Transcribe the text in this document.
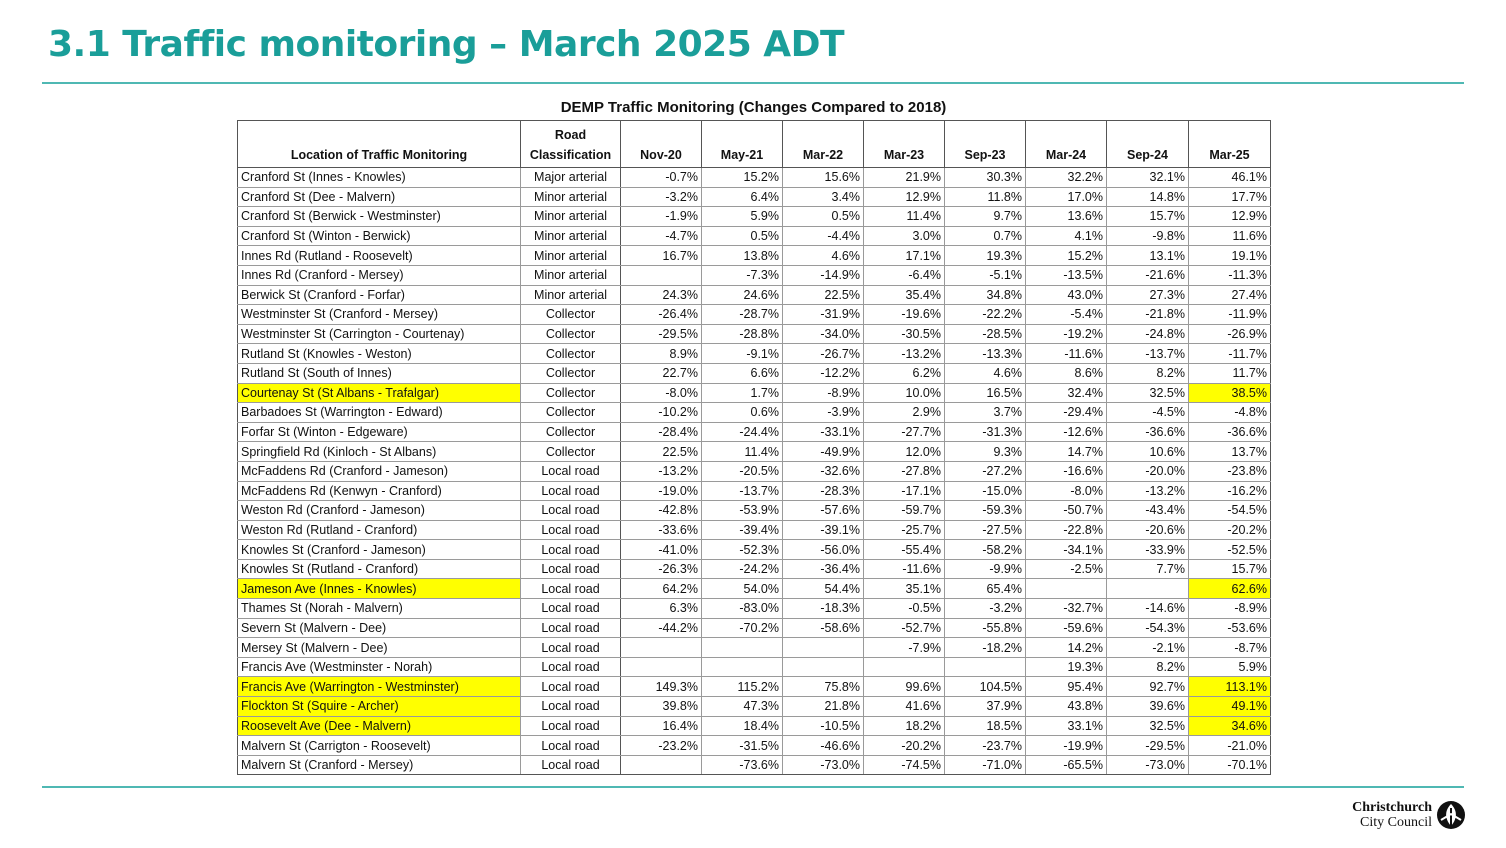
3.1 Traffic monitoring – March 2025 ADT
DEMP Traffic Monitoring (Changes Compared to 2018)
Location of Traffic Monitoring	Road Classification	Nov-20	May-21	Mar-22	Mar-23	Sep-23	Mar-24	Sep-24	Mar-25
Cranford St (Innes - Knowles)	Major arterial	-0.7%	15.2%	15.6%	21.9%	30.3%	32.2%	32.1%	46.1%
Cranford St (Dee - Malvern)	Minor arterial	-3.2%	6.4%	3.4%	12.9%	11.8%	17.0%	14.8%	17.7%
Cranford St (Berwick - Westminster)	Minor arterial	-1.9%	5.9%	0.5%	11.4%	9.7%	13.6%	15.7%	12.9%
Cranford St (Winton - Berwick)	Minor arterial	-4.7%	0.5%	-4.4%	3.0%	0.7%	4.1%	-9.8%	11.6%
Innes Rd (Rutland - Roosevelt)	Minor arterial	16.7%	13.8%	4.6%	17.1%	19.3%	15.2%	13.1%	19.1%
Innes Rd (Cranford - Mersey)	Minor arterial		-7.3%	-14.9%	-6.4%	-5.1%	-13.5%	-21.6%	-11.3%
Berwick St (Cranford - Forfar)	Minor arterial	24.3%	24.6%	22.5%	35.4%	34.8%	43.0%	27.3%	27.4%
Westminster St (Cranford - Mersey)	Collector	-26.4%	-28.7%	-31.9%	-19.6%	-22.2%	-5.4%	-21.8%	-11.9%
Westminster St (Carrington - Courtenay)	Collector	-29.5%	-28.8%	-34.0%	-30.5%	-28.5%	-19.2%	-24.8%	-26.9%
Rutland St (Knowles - Weston)	Collector	8.9%	-9.1%	-26.7%	-13.2%	-13.3%	-11.6%	-13.7%	-11.7%
Rutland St (South of Innes)	Collector	22.7%	6.6%	-12.2%	6.2%	4.6%	8.6%	8.2%	11.7%
Courtenay St (St Albans - Trafalgar)	Collector	-8.0%	1.7%	-8.9%	10.0%	16.5%	32.4%	32.5%	38.5%
Barbadoes St (Warrington - Edward)	Collector	-10.2%	0.6%	-3.9%	2.9%	3.7%	-29.4%	-4.5%	-4.8%
Forfar St (Winton - Edgeware)	Collector	-28.4%	-24.4%	-33.1%	-27.7%	-31.3%	-12.6%	-36.6%	-36.6%
Springfield Rd (Kinloch - St Albans)	Collector	22.5%	11.4%	-49.9%	12.0%	9.3%	14.7%	10.6%	13.7%
McFaddens Rd (Cranford - Jameson)	Local road	-13.2%	-20.5%	-32.6%	-27.8%	-27.2%	-16.6%	-20.0%	-23.8%
McFaddens Rd (Kenwyn - Cranford)	Local road	-19.0%	-13.7%	-28.3%	-17.1%	-15.0%	-8.0%	-13.2%	-16.2%
Weston Rd (Cranford - Jameson)	Local road	-42.8%	-53.9%	-57.6%	-59.7%	-59.3%	-50.7%	-43.4%	-54.5%
Weston Rd (Rutland - Cranford)	Local road	-33.6%	-39.4%	-39.1%	-25.7%	-27.5%	-22.8%	-20.6%	-20.2%
Knowles St (Cranford - Jameson)	Local road	-41.0%	-52.3%	-56.0%	-55.4%	-58.2%	-34.1%	-33.9%	-52.5%
Knowles St (Rutland - Cranford)	Local road	-26.3%	-24.2%	-36.4%	-11.6%	-9.9%	-2.5%	7.7%	15.7%
Jameson Ave (Innes - Knowles)	Local road	64.2%	54.0%	54.4%	35.1%	65.4%			62.6%
Thames St (Norah - Malvern)	Local road	6.3%	-83.0%	-18.3%	-0.5%	-3.2%	-32.7%	-14.6%	-8.9%
Severn St (Malvern - Dee)	Local road	-44.2%	-70.2%	-58.6%	-52.7%	-55.8%	-59.6%	-54.3%	-53.6%
Mersey St (Malvern - Dee)	Local road				-7.9%	-18.2%	14.2%	-2.1%	-8.7%
Francis Ave (Westminster - Norah)	Local road						19.3%	8.2%	5.9%
Francis Ave (Warrington - Westminster)	Local road	149.3%	115.2%	75.8%	99.6%	104.5%	95.4%	92.7%	113.1%
Flockton St (Squire - Archer)	Local road	39.8%	47.3%	21.8%	41.6%	37.9%	43.8%	39.6%	49.1%
Roosevelt Ave (Dee - Malvern)	Local road	16.4%	18.4%	-10.5%	18.2%	18.5%	33.1%	32.5%	34.6%
Malvern St (Carrigton - Roosevelt)	Local road	-23.2%	-31.5%	-46.6%	-20.2%	-23.7%	-19.9%	-29.5%	-21.0%
Malvern St (Cranford - Mersey)	Local road		-73.6%	-73.0%	-74.5%	-71.0%	-65.5%	-73.0%	-70.1%
Christchurch
City Council
